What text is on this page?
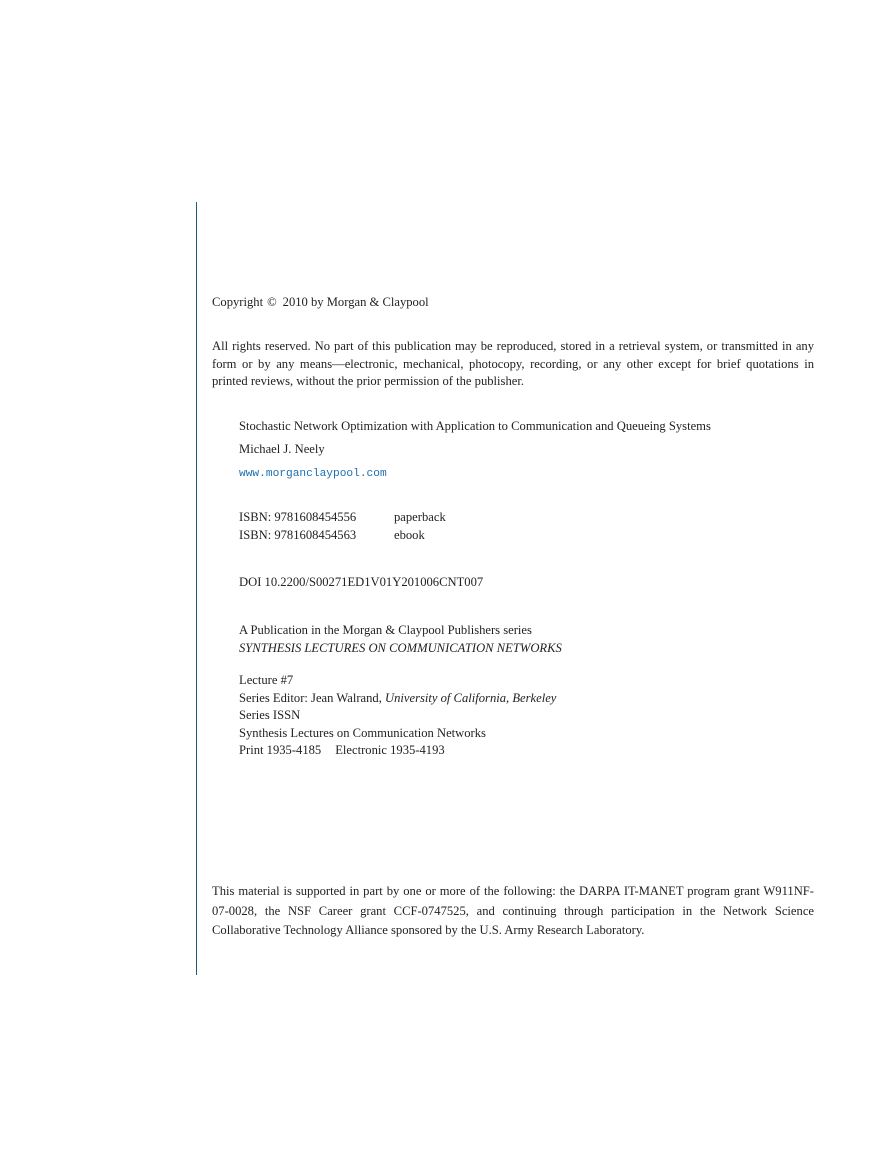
Copyright © 2010 by Morgan & Claypool
All rights reserved. No part of this publication may be reproduced, stored in a retrieval system, or transmitted in any form or by any means—electronic, mechanical, photocopy, recording, or any other except for brief quotations in printed reviews, without the prior permission of the publisher.
Stochastic Network Optimization with Application to Communication and Queueing Systems
Michael J. Neely
www.morganclaypool.com
ISBN: 9781608454556	paperback
ISBN: 9781608454563	ebook
DOI 10.2200/S00271ED1V01Y201006CNT007
A Publication in the Morgan & Claypool Publishers series
SYNTHESIS LECTURES ON COMMUNICATION NETWORKS
Lecture #7
Series Editor: Jean Walrand, University of California, Berkeley
Series ISSN
Synthesis Lectures on Communication Networks
Print 1935-4185 Electronic 1935-4193
This material is supported in part by one or more of the following: the DARPA IT-MANET program grant W911NF-07-0028, the NSF Career grant CCF-0747525, and continuing through participation in the Network Science Collaborative Technology Alliance sponsored by the U.S. Army Research Laboratory.
